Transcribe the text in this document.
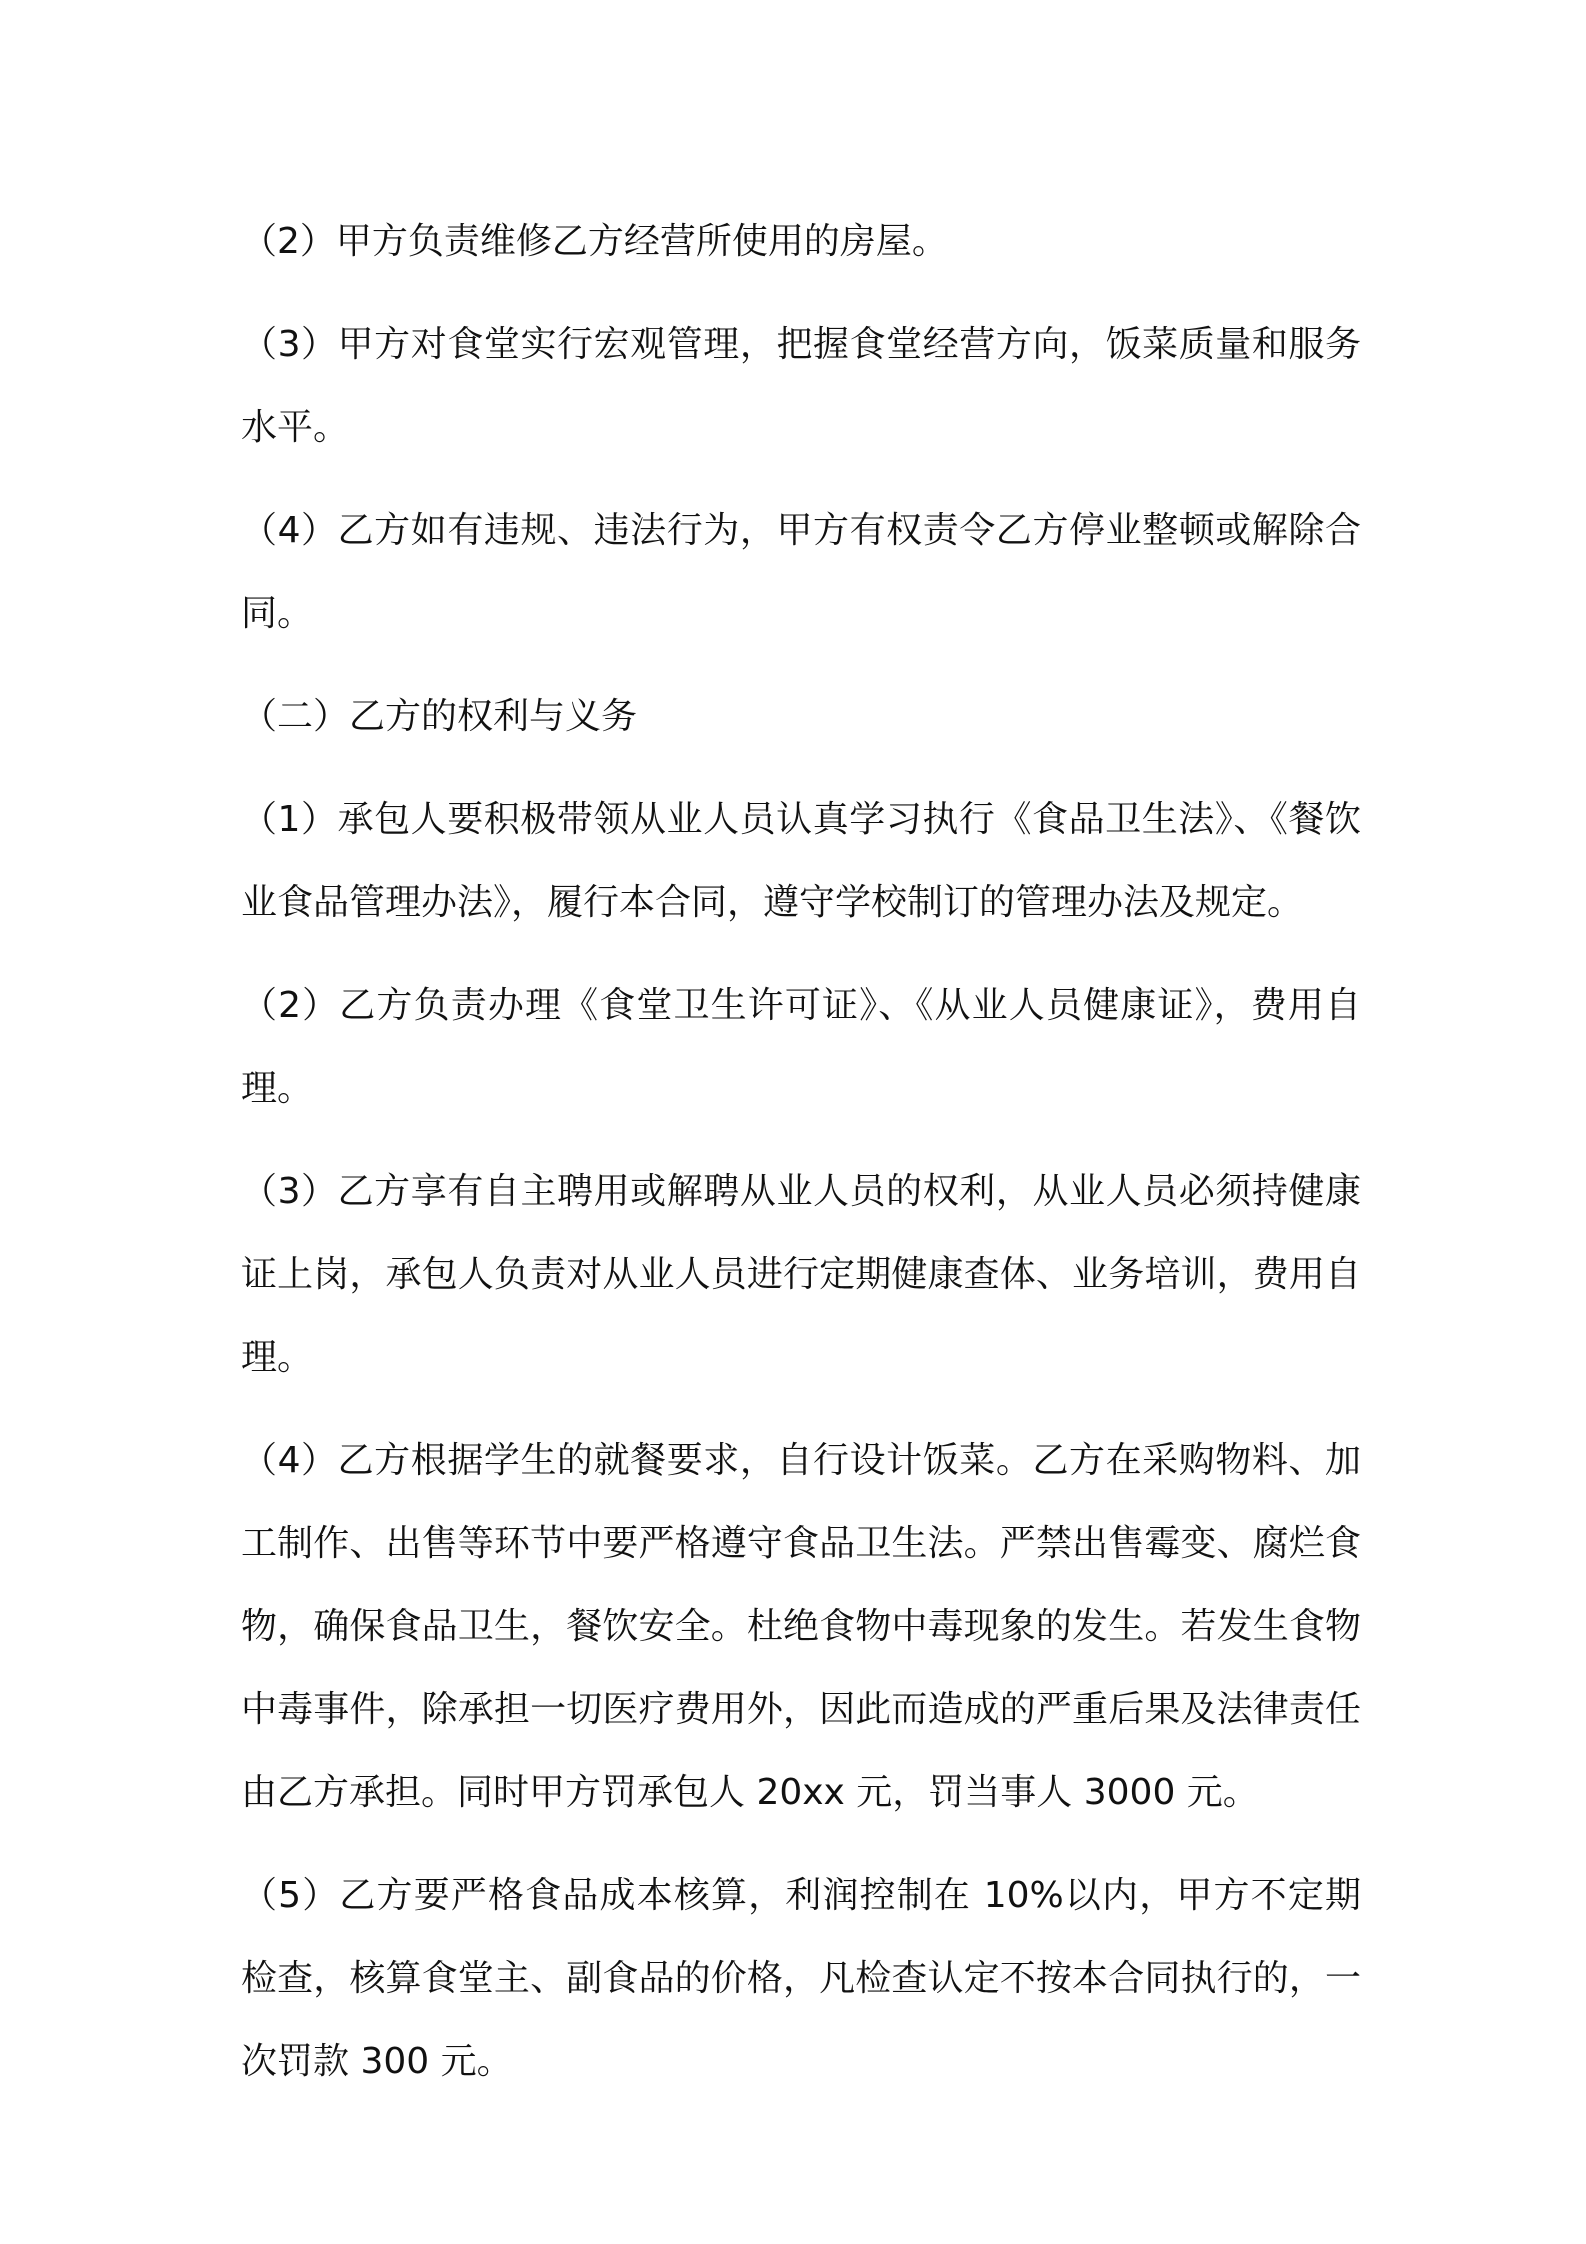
（2）甲方负责维修乙方经营所使用的房屋。

（3）甲方对食堂实行宏观管理，把握食堂经营方向，饭菜质量和服务水平。

（4）乙方如有违规、违法行为，甲方有权责令乙方停业整顿或解除合同。

（二）乙方的权利与义务

（1）承包人要积极带领从业人员认真学习执行《食品卫生法》、《餐饮业食品管理办法》，履行本合同，遵守学校制订的管理办法及规定。

（2）乙方负责办理《食堂卫生许可证》、《从业人员健康证》，费用自理。

（3）乙方享有自主聘用或解聘从业人员的权利，从业人员必须持健康证上岗，承包人负责对从业人员进行定期健康查体、业务培训，费用自理。

（4）乙方根据学生的就餐要求，自行设计饭菜。乙方在采购物料、加工制作、出售等环节中要严格遵守食品卫生法。严禁出售霉变、腐烂食物，确保食品卫生，餐饮安全。杜绝食物中毒现象的发生。若发生食物中毒事件，除承担一切医疗费用外，因此而造成的严重后果及法律责任由乙方承担。同时甲方罚承包人 20xx 元，罚当事人 3000 元。

（5）乙方要严格食品成本核算，利润控制在 10%以内，甲方不定期检查，核算食堂主、副食品的价格，凡检查认定不按本合同执行的，一次罚款 300 元。
